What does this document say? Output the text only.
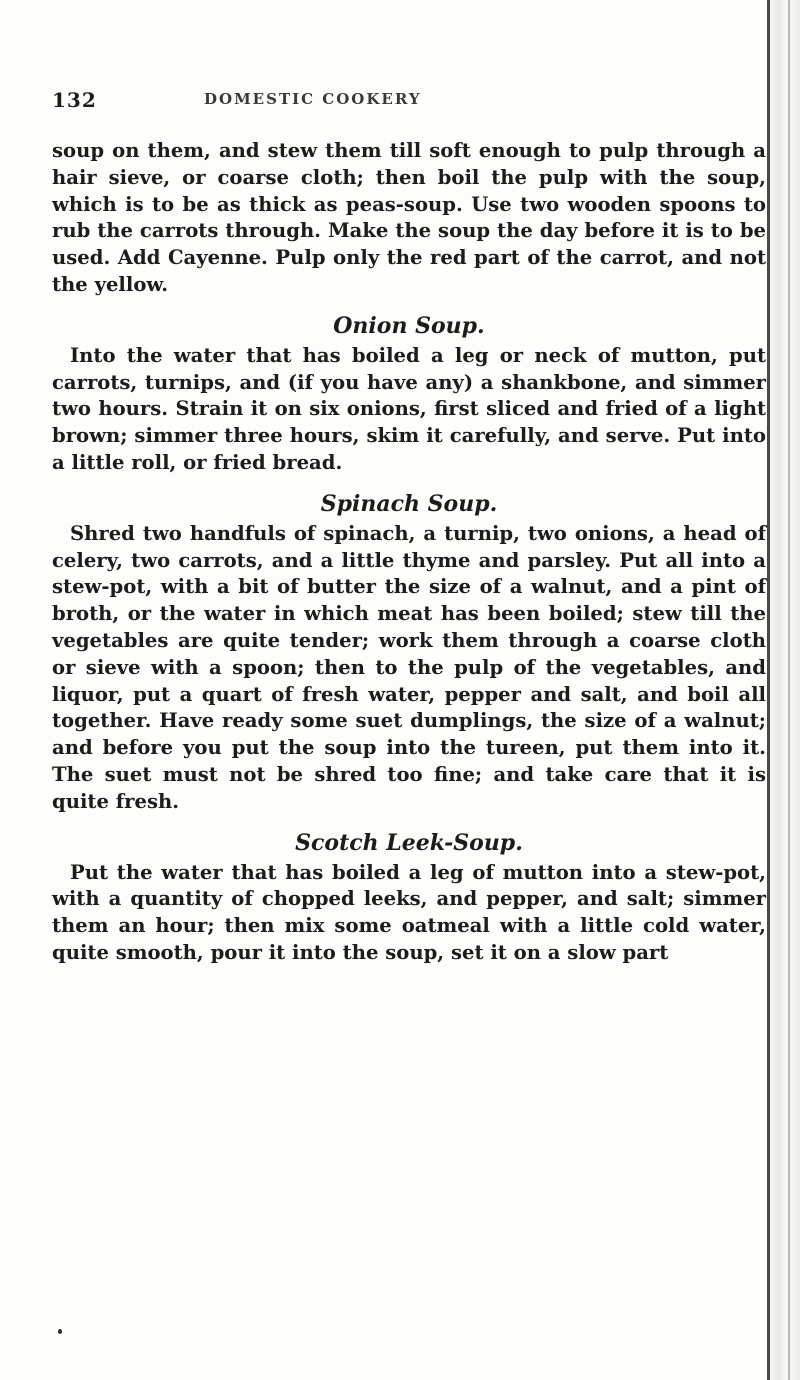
132	DOMESTIC COOKERY

soup on them, and stew them till soft enough to pulp through a hair sieve, or coarse cloth; then boil the pulp with the soup, which is to be as thick as peas-soup. Use two wooden spoons to rub the carrots through. Make the soup the day before it is to be used. Add Cayenne. Pulp only the red part of the carrot, and not the yellow.

Onion Soup.

Into the water that has boiled a leg or neck of mutton, put carrots, turnips, and (if you have any) a shankbone, and simmer two hours. Strain it on six onions, first sliced and fried of a light brown; simmer three hours, skim it carefully, and serve. Put into a little roll, or fried bread.

Spinach Soup.

Shred two handfuls of spinach, a turnip, two onions, a head of celery, two carrots, and a little thyme and parsley. Put all into a stew-pot, with a bit of butter the size of a walnut, and a pint of broth, or the water in which meat has been boiled; stew till the vegetables are quite tender; work them through a coarse cloth or sieve with a spoon; then to the pulp of the vegetables, and liquor, put a quart of fresh water, pepper and salt, and boil all together. Have ready some suet dumplings, the size of a walnut; and before you put the soup into the tureen, put them into it. The suet must not be shred too fine; and take care that it is quite fresh.

Scotch Leek-Soup.

Put the water that has boiled a leg of mutton into a stew-pot, with a quantity of chopped leeks, and pepper, and salt; simmer them an hour; then mix some oatmeal with a little cold water, quite smooth, pour it into the soup, set it on a slow part
